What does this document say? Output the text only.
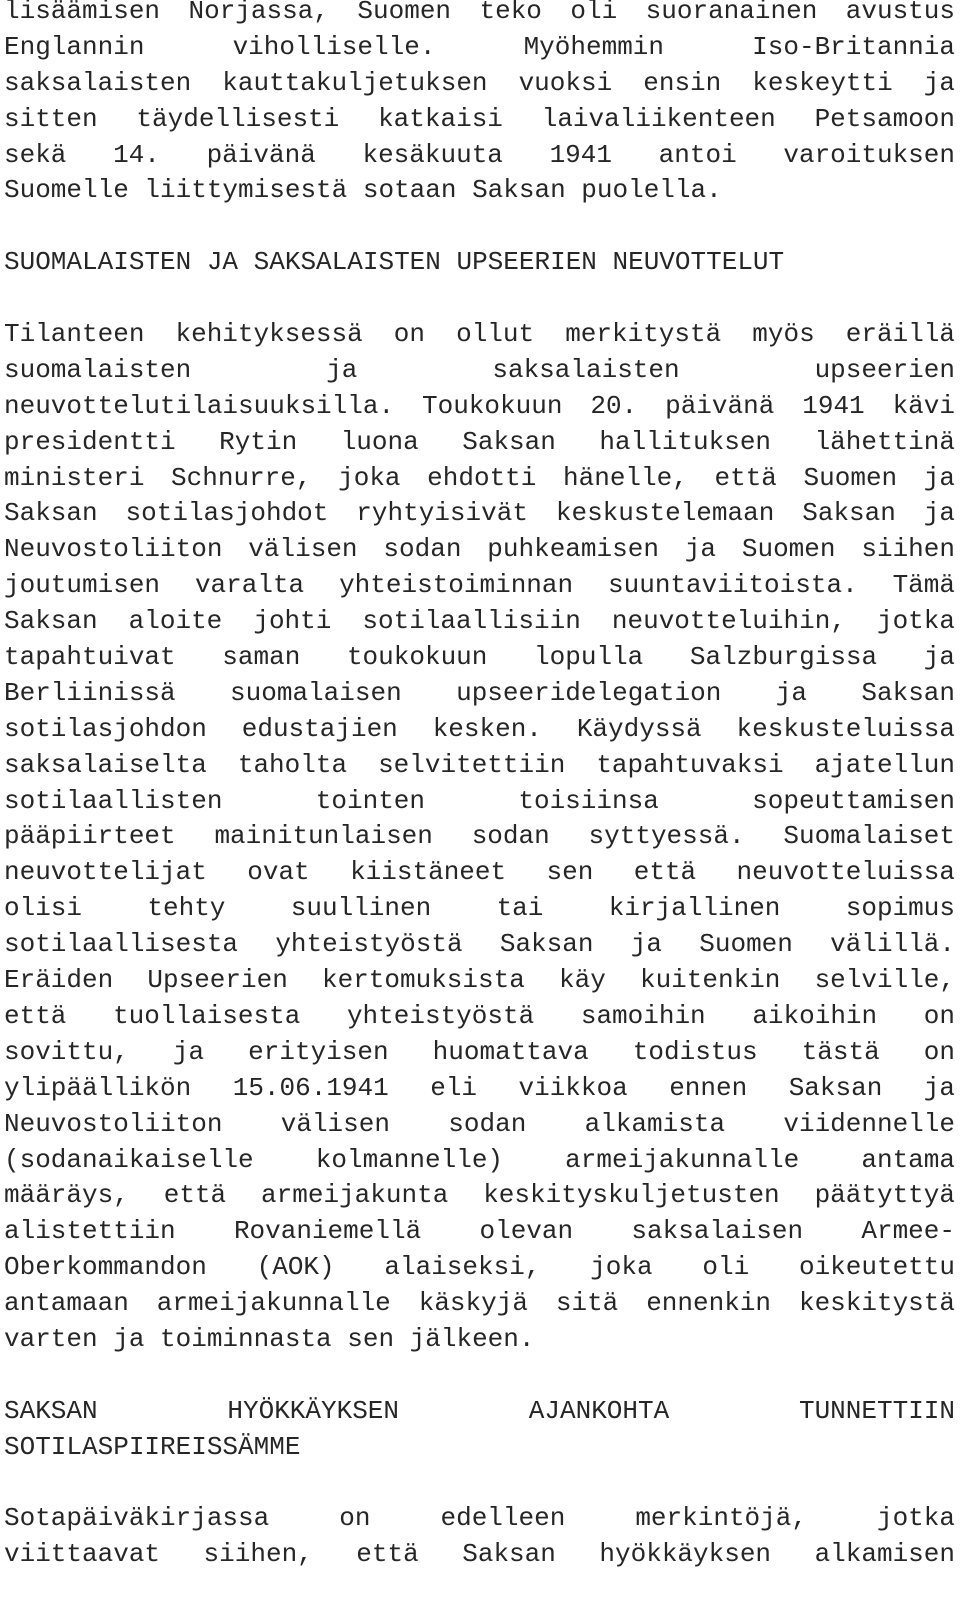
lisäämisen Norjassa, Suomen teko oli suoranainen avustus
Englannin viholliselle. Myöhemmin Iso-Britannia
saksalaisten kauttakuljetuksen vuoksi ensin keskeytti ja
sitten täydellisesti katkaisi laivaliikenteen Petsamoon
sekä 14. päivänä kesäkuuta 1941 antoi varoituksen
Suomelle liittymisestä sotaan Saksan puolella.
SUOMALAISTEN JA SAKSALAISTEN UPSEERIEN NEUVOTTELUT
Tilanteen kehityksessä on ollut merkitystä myös eräillä
suomalaisten ja saksalaisten upseerien
neuvottelutilaisuuksilla. Toukokuun 20. päivänä 1941 kävi
presidentti Rytin luona Saksan hallituksen lähettinä
ministeri Schnurre, joka ehdotti hänelle, että Suomen ja
Saksan sotilasjohdot ryhtyisivät keskustelemaan Saksan ja
Neuvostoliiton välisen sodan puhkeamisen ja Suomen siihen
joutumisen varalta yhteistoiminnan suuntaviitoista. Tämä
Saksan aloite johti sotilaallisiin neuvotteluihin, jotka
tapahtuivat saman toukokuun lopulla Salzburgissa ja
Berliinissä suomalaisen upseeridelegation ja Saksan
sotilasjohdon edustajien kesken. Käydyssä keskusteluissa
saksalaiselta taholta selvitettiin tapahtuvaksi ajatellun
sotilaallisten tointen toisiinsa sopeuttamisen
pääpiirteet mainitunlaisen sodan syttyessä. Suomalaiset
neuvottelijat ovat kiistäneet sen että neuvotteluissa
olisi tehty suullinen tai kirjallinen sopimus
sotilaallisesta yhteistyöstä Saksan ja Suomen välillä.
Eräiden Upseerien kertomuksista käy kuitenkin selville,
että tuollaisesta yhteistyöstä samoihin aikoihin on
sovittu, ja erityisen huomattava todistus tästä on
ylipäällikön 15.06.1941 eli viikkoa ennen Saksan ja
Neuvostoliiton välisen sodan alkamista viidennelle
(sodanaikaiselle kolmannelle) armeijakunnalle antama
määräys, että armeijakunta keskityskuljetusten päätyttyä
alistettiin Rovaniemellä olevan saksalaisen Armee-
Oberkommandon (AOK) alaiseksi, joka oli oikeutettu
antamaan armeijakunnalle käskyjä sitä ennenkin keskitystä
varten ja toiminnasta sen jälkeen.
SAKSAN HYÖKKÄYKSEN AJANKOHTA TUNNETTIIN
SOTILASPIIREISSÄMME
Sotapäiväkirjassa on edelleen merkintöjä, jotka
viittaavat siihen, että Saksan hyökkäyksen alkamisen
